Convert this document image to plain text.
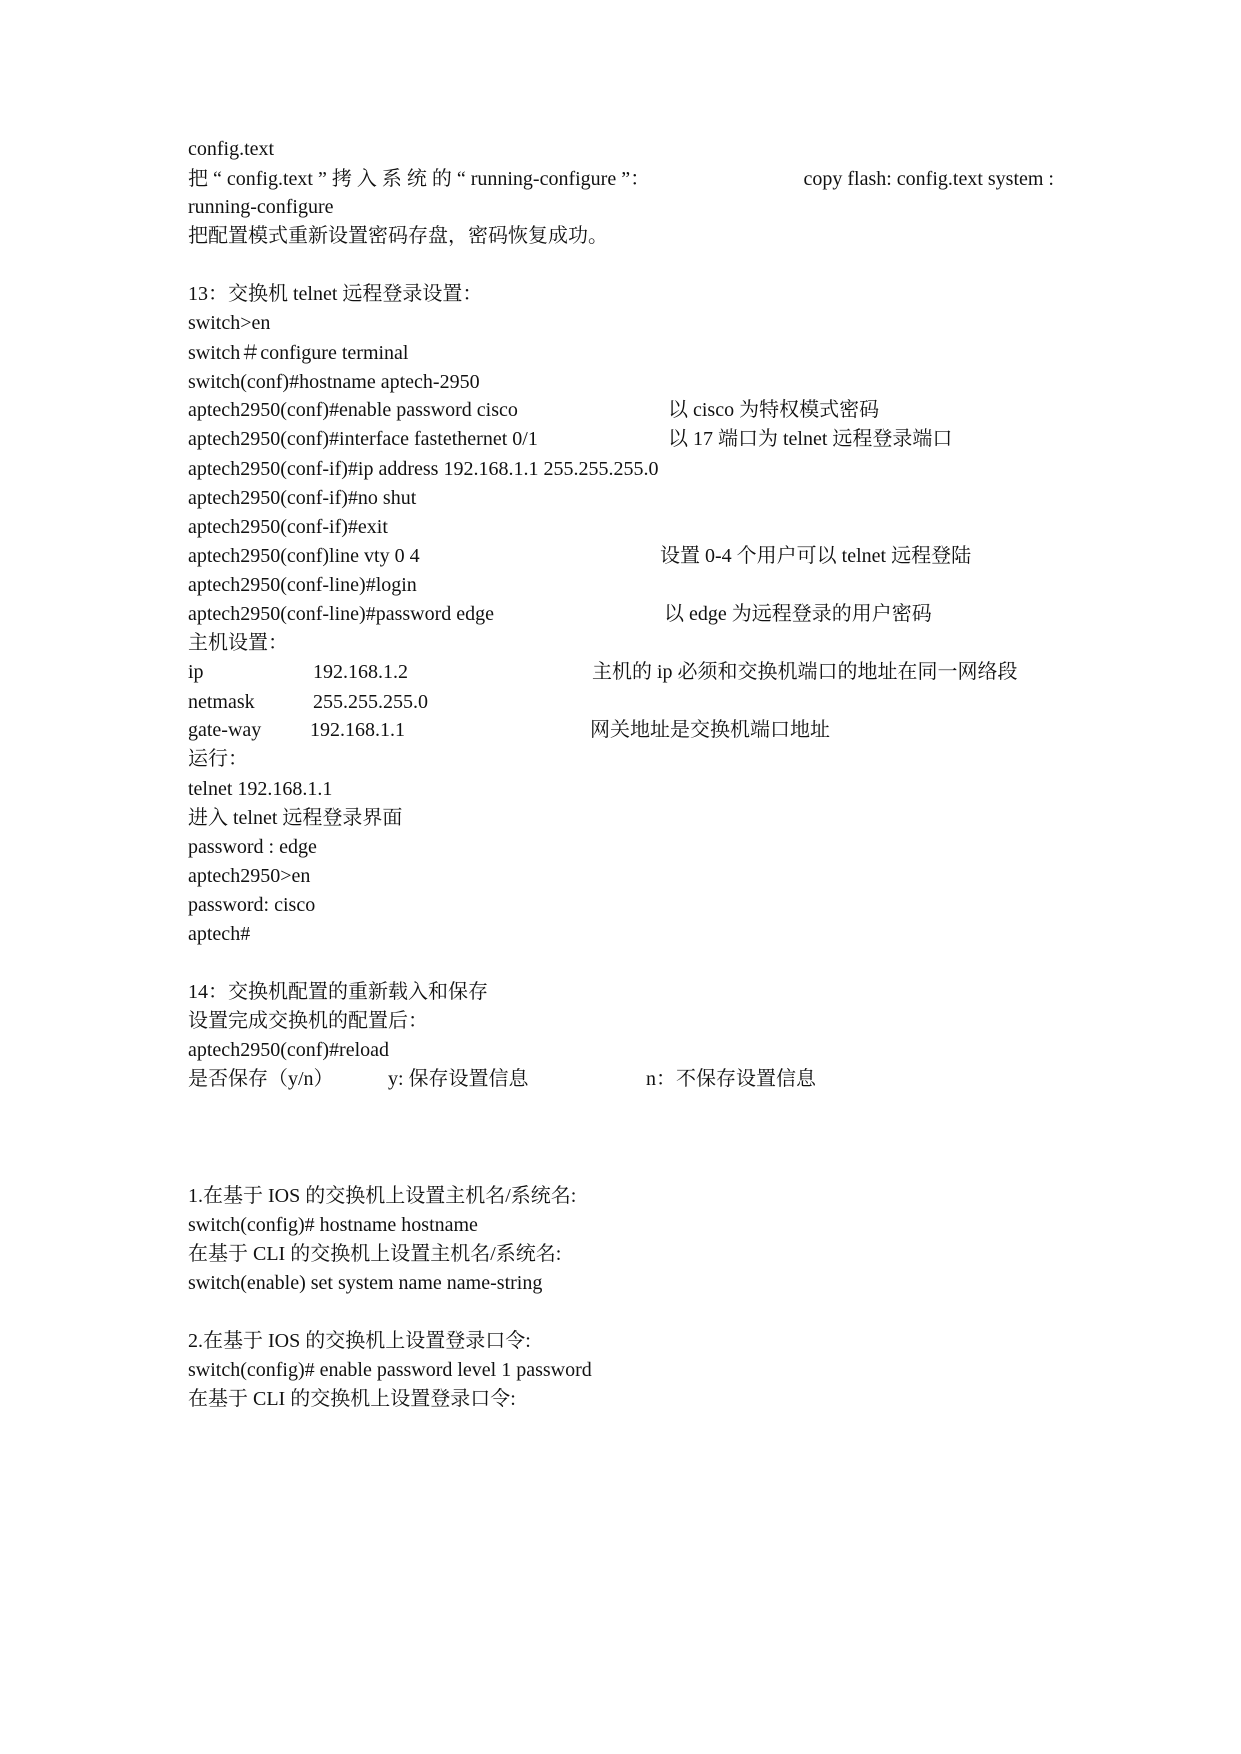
config.text
把 “ config.text ” 拷 入 系 统 的 “ running-configure ”：	copy flash: config.text system :
running-configure
把配置模式重新设置密码存盘，密码恢复成功。
13：交换机 telnet 远程登录设置：
switch>en
switch＃configure terminal
switch(conf)#hostname aptech-2950
aptech2950(conf)#enable password cisco	以 cisco 为特权模式密码
aptech2950(conf)#interface fastethernet 0/1	以 17 端口为 telnet 远程登录端口
aptech2950(conf-if)#ip address 192.168.1.1 255.255.255.0
aptech2950(conf-if)#no shut
aptech2950(conf-if)#exit
aptech2950(conf)line vty 0 4	设置 0-4 个用户可以 telnet 远程登陆
aptech2950(conf-line)#login
aptech2950(conf-line)#password edge	以 edge 为远程登录的用户密码
主机设置：
ip	192.168.1.2	主机的 ip 必须和交换机端口的地址在同一网络段
netmask	255.255.255.0
gate-way 192.168.1.1	网关地址是交换机端口地址
运行：
telnet 192.168.1.1
进入 telnet 远程登录界面
password : edge
aptech2950>en
password: cisco
aptech#
14：交换机配置的重新载入和保存
设置完成交换机的配置后：
aptech2950(conf)#reload
是否保存（y/n）	y: 保存设置信息	n：不保存设置信息
1.在基于 IOS 的交换机上设置主机名/系统名:
switch(config)# hostname hostname
在基于 CLI 的交换机上设置主机名/系统名:
switch(enable) set system name name-string
2.在基于 IOS 的交换机上设置登录口令:
switch(config)# enable password level 1 password
在基于 CLI 的交换机上设置登录口令:
